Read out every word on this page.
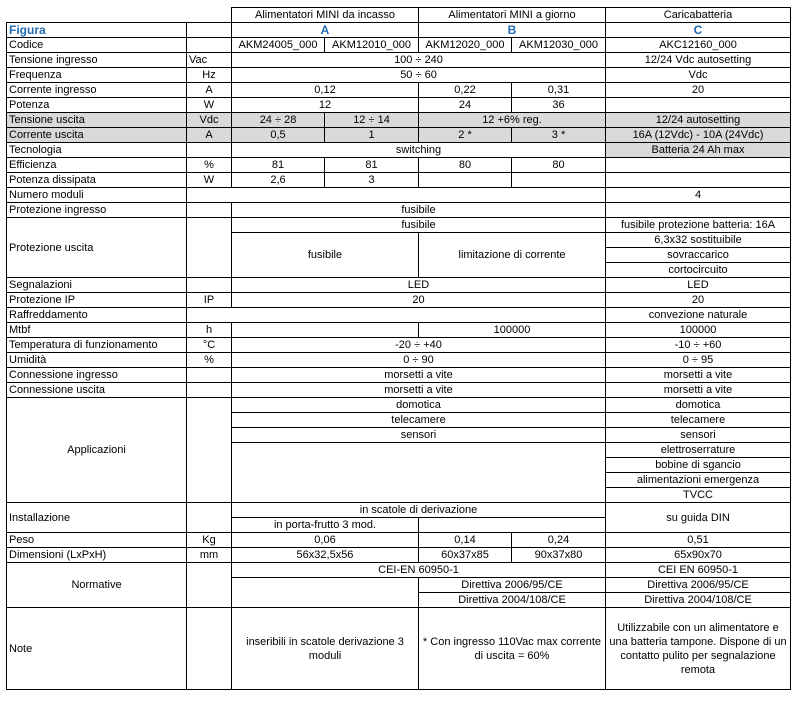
		Alimentatori MINI da incasso		Alimentatori MINI a giorno		Caricabatteria
Figura		A		B		C
Codice		AKM24005_000	AKM12010_000	AKM12020_000	AKM12030_000	AKC12160_000
Tensione ingresso	Vac	100 ÷ 240				12/24 Vdc autosetting
Frequenza	Hz	50 ÷ 60				Vdc
Corrente ingresso	A	0,12		0,22	0,31	20
Potenza	W	12		24	36	
Tensione uscita	Vdc	24 ÷ 28	12 ÷ 14	12 +6% reg.		12/24 autosetting
Corrente uscita	A	0,5	1	2 *	3 *	16A (12Vdc) - 10A (24Vdc)
Tecnologia		switching				Batteria 24 Ah max
Efficienza	%	81	81	80	80	
Potenza dissipata	W	2,6	3			
Numero moduli						4
Protezione ingresso		fusibile				
Protezione uscita		fusibile				fusibile protezione batteria: 16A
		fusibile		limitazione di corrente		6,3x32 sostituibile
						sovraccarico
						cortocircuito
Segnalazioni		LED				LED
Protezione IP	IP	20				20
Raffreddamento						convezione naturale
Mtbf	h			100000		100000
Temperatura di funzionamento	°C	-20 ÷ +40				-10 ÷ +60
Umidità	%	0 ÷ 90				0 ÷ 95
Connessione ingresso		morsetti a vite				morsetti a vite
Connessione uscita		morsetti a vite				morsetti a vite
Applicazioni		domotica				domotica
		telecamere				telecamere
		sensori				sensori
						elettroserrature
						bobine di sgancio
						alimentazioni emergenza
						TVCC
Installazione		in scatole di derivazione				su guida DIN
		in porta-frutto 3 mod.				
Peso	Kg	0,06		0,14	0,24	0,51
Dimensioni (LxPxH)	mm	56x32,5x56		60x37x85	90x37x80	65x90x70
Normative		CEI-EN 60950-1				CEI EN 60950-1
				Direttiva 2006/95/CE		Direttiva 2006/95/CE
				Direttiva 2004/108/CE		Direttiva 2004/108/CE
Note		inseribili in scatole derivazione 3 moduli		* Con ingresso 110Vac max corrente di uscita = 60%		Utilizzabile con un alimentatore e una batteria tampone. Dispone di un contatto pulito per segnalazione remota
